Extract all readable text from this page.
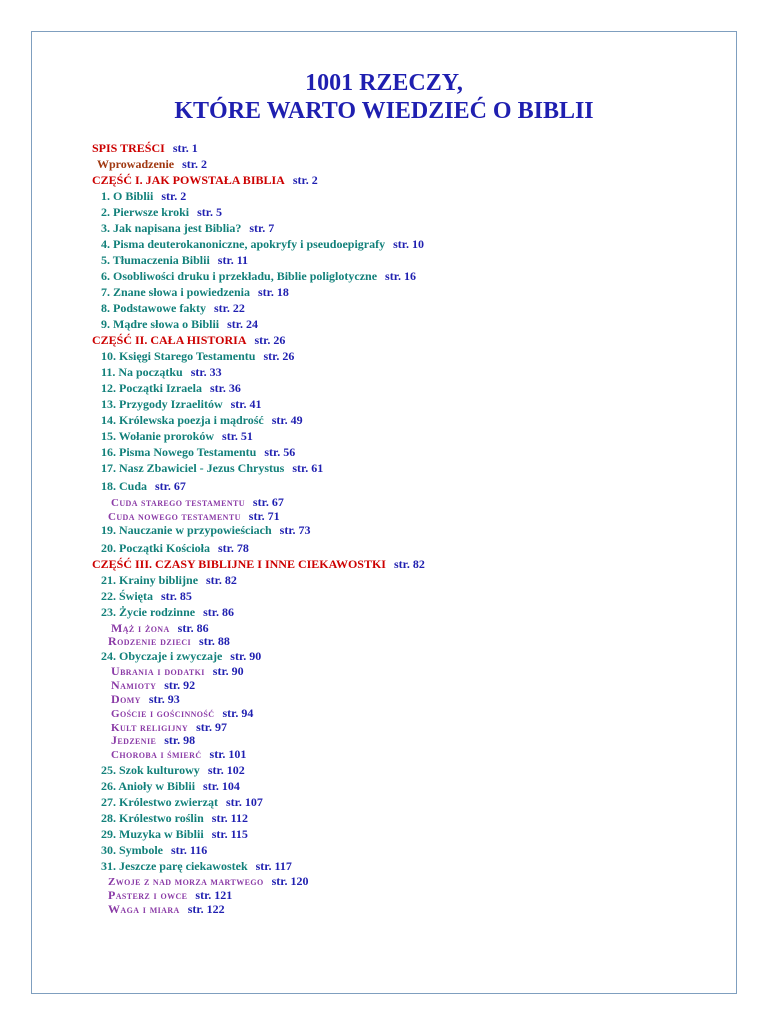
1001 RZECZY,
KTÓRE WARTO WIEDZIEĆ O BIBLII
SPIS TREŚCI str. 1
Wprowadzenie str. 2
CZĘŚĆ I. JAK POWSTAŁA BIBLIA str. 2
1. O Biblii str. 2
2. Pierwsze kroki str. 5
3. Jak napisana jest Biblia? str. 7
4. Pisma deuterokanoniczne, apokryfy i pseudoepigrafy str. 10
5. Tłumaczenia Biblii str. 11
6. Osobliwości druku i przekładu, Biblie poliglotyczne str. 16
7. Znane słowa i powiedzenia str. 18
8. Podstawowe fakty str. 22
9. Mądre słowa o Biblii str. 24
CZĘŚĆ II. CAŁA HISTORIA str. 26
10. Księgi Starego Testamentu str. 26
11. Na początku str. 33
12. Początki Izraela str. 36
13. Przygody Izraelitów str. 41
14. Królewska poezja i mądrość str. 49
15. Wołanie proroków str. 51
16. Pisma Nowego Testamentu str. 56
17. Nasz Zbawiciel - Jezus Chrystus str. 61
18. Cuda str. 67
Cuda starego testamentu str. 67
Cuda nowego testamentu str. 71
19. Nauczanie w przypowieściach str. 73
20. Początki Kościoła str. 78
CZĘŚĆ III. CZASY BIBLIJNE I INNE CIEKAWOSTKI str. 82
21. Krainy biblijne str. 82
22. Święta str. 85
23. Życie rodzinne str. 86
Mąż i żona str. 86
Rodzenie dzieci str. 88
24. Obyczaje i zwyczaje str. 90
Ubrania i dodatki str. 90
Namioty str. 92
Domy str. 93
Goście i gościnność str. 94
Kult religijny str. 97
Jedzenie str. 98
Choroba i śmierć str. 101
25. Szok kulturowy str. 102
26. Anioły w Biblii str. 104
27. Królestwo zwierząt str. 107
28. Królestwo roślin str. 112
29. Muzyka w Biblii str. 115
30. Symbole str. 116
31. Jeszcze parę ciekawostek str. 117
Zwoje z nad morza martwego str. 120
Pasterz i owce str. 121
Waga i miara str. 122
